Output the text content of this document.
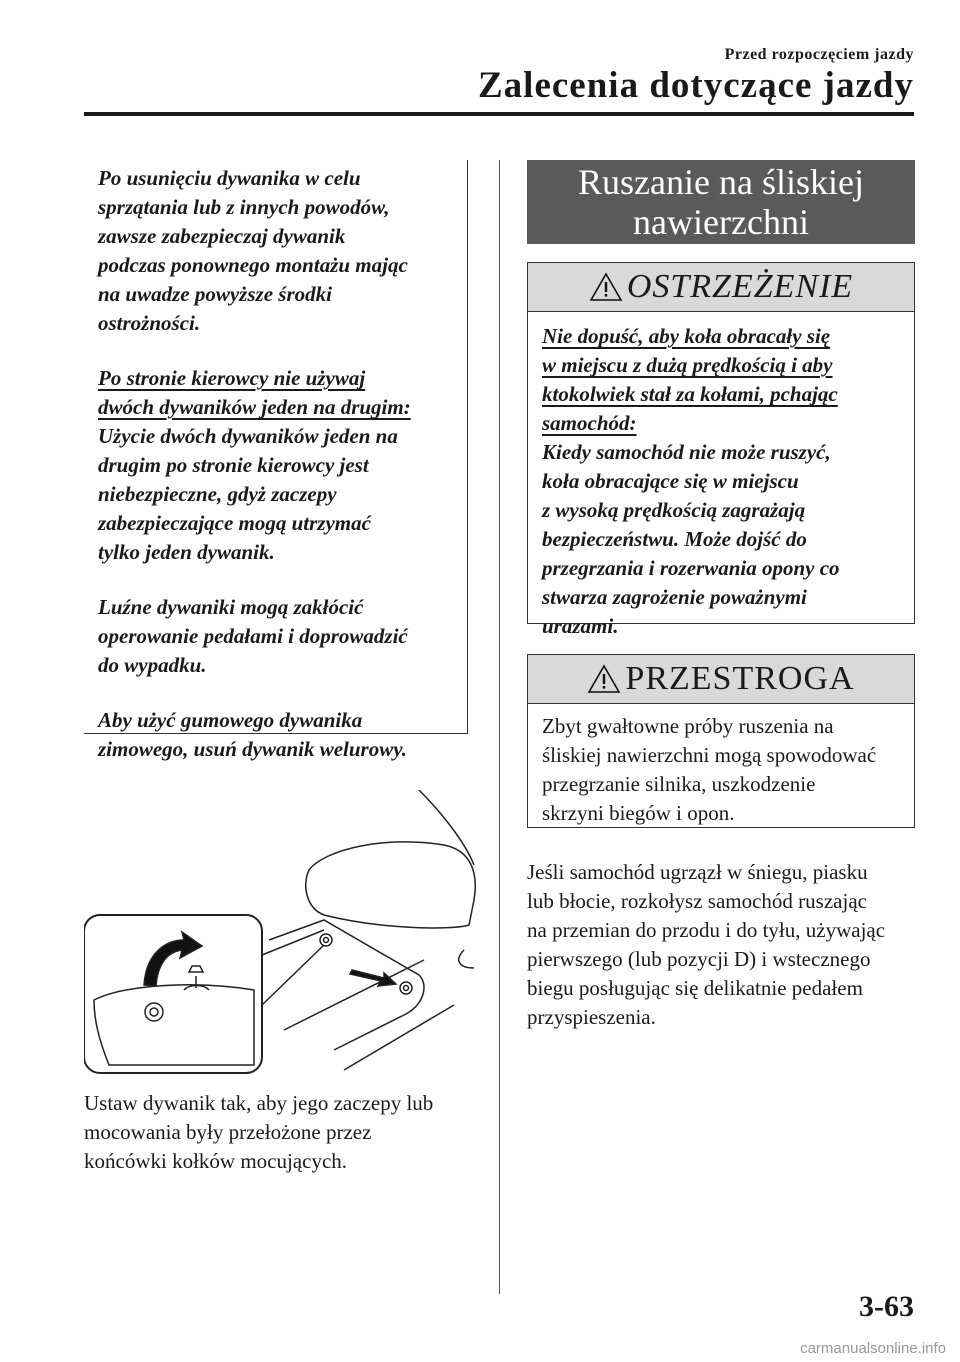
Przed rozpoczęciem jazdy
Zalecenia dotyczące jazdy
Po usunięciu dywanika w celu
sprzątania lub z innych powodów,
zawsze zabezpieczaj dywanik
podczas ponownego montażu mając
na uwadze powyższe środki
ostrożności.
Po stronie kierowcy nie używaj
dwóch dywaników jeden na drugim:
Użycie dwóch dywaników jeden na
drugim po stronie kierowcy jest
niebezpieczne, gdyż zaczepy
zabezpieczające mogą utrzymać
tylko jeden dywanik.
Luźne dywaniki mogą zakłócić
operowanie pedałami i doprowadzić
do wypadku.
Aby użyć gumowego dywanika
zimowego, usuń dywanik welurowy.
Ustaw dywanik tak, aby jego zaczepy lub
mocowania były przełożone przez
końcówki kołków mocujących.
Ruszanie na śliskiej
nawierzchni
OSTRZEŻENIE
Nie dopuść, aby koła obracały się
w miejscu z dużą prędkością i aby
ktokolwiek stał za kołami, pchając
samochód:
Kiedy samochód nie może ruszyć,
koła obracające się w miejscu
z wysoką prędkością zagrażają
bezpieczeństwu. Może dojść do
przegrzania i rozerwania opony co
stwarza zagrożenie poważnymi
urazami.
PRZESTROGA
Zbyt gwałtowne próby ruszenia na
śliskiej nawierzchni mogą spowodować
przegrzanie silnika, uszkodzenie
skrzyni biegów i opon.
Jeśli samochód ugrzązł w śniegu, piasku
lub błocie, rozkołysz samochód ruszając
na przemian do przodu i do tyłu, używając
pierwszego (lub pozycji D) i wstecznego
biegu posługując się delikatnie pedałem
przyspieszenia.
3-63
carmanualsonline.info
